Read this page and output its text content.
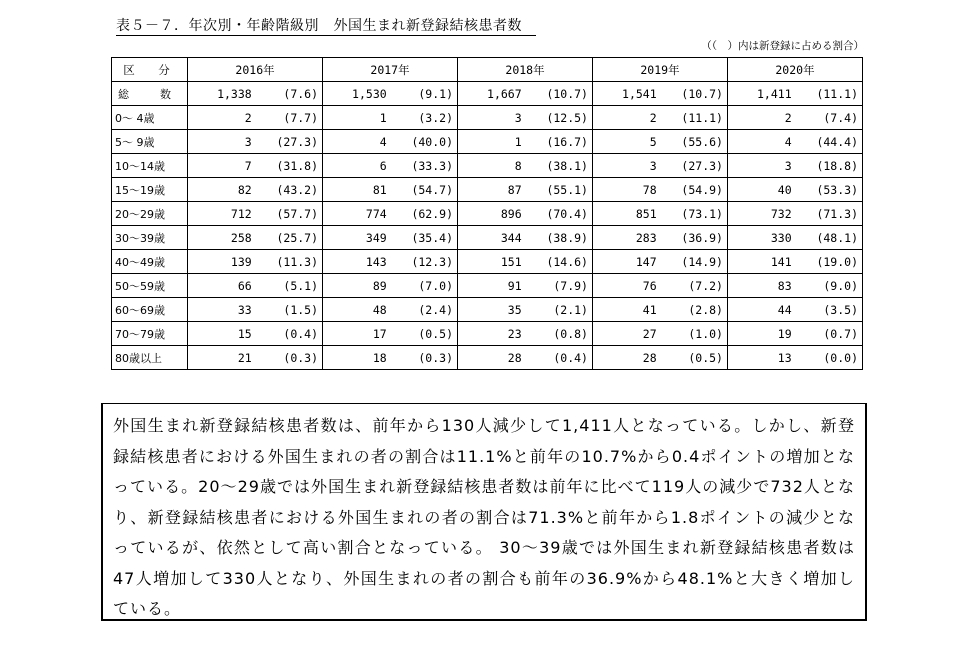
表５－７．年次別・年齢階級別　外国生まれ新登録結核患者数
（（　）内は新登録に占める割合）
区　分	2016年		2017年		2018年		2019年		2020年	
総　数	1,338	(7.6)	1,530	(9.1)	1,667	(10.7)	1,541	(10.7)	1,411	(11.1)
0～ 4歳	2	(7.7)	1	(3.2)	3	(12.5)	2	(11.1)	2	(7.4)
5～ 9歳	3	(27.3)	4	(40.0)	1	(16.7)	5	(55.6)	4	(44.4)
10～14歳	7	(31.8)	6	(33.3)	8	(38.1)	3	(27.3)	3	(18.8)
15～19歳	82	(43.2)	81	(54.7)	87	(55.1)	78	(54.9)	40	(53.3)
20～29歳	712	(57.7)	774	(62.9)	896	(70.4)	851	(73.1)	732	(71.3)
30～39歳	258	(25.7)	349	(35.4)	344	(38.9)	283	(36.9)	330	(48.1)
40～49歳	139	(11.3)	143	(12.3)	151	(14.6)	147	(14.9)	141	(19.0)
50～59歳	66	(5.1)	89	(7.0)	91	(7.9)	76	(7.2)	83	(9.0)
60～69歳	33	(1.5)	48	(2.4)	35	(2.1)	41	(2.8)	44	(3.5)
70～79歳	15	(0.4)	17	(0.5)	23	(0.8)	27	(1.0)	19	(0.7)
80歳以上	21	(0.3)	18	(0.3)	28	(0.4)	28	(0.5)	13	(0.0)
外国生まれ新登録結核患者数は、前年から130人減少して1,411人となっている。しかし、新登録結核患者における外国生まれの者の割合は11.1%と前年の10.7%から0.4ポイントの増加となっている。20～29歳では外国生まれ新登録結核患者数は前年に比べて119人の減少で732人となり、新登録結核患者における外国生まれの者の割合は71.3%と前年から1.8ポイントの減少となっているが、依然として高い割合となっている。 30～39歳では外国生まれ新登録結核患者数は47人増加して330人となり、外国生まれの者の割合も前年の36.9%から48.1%と大きく増加している。
